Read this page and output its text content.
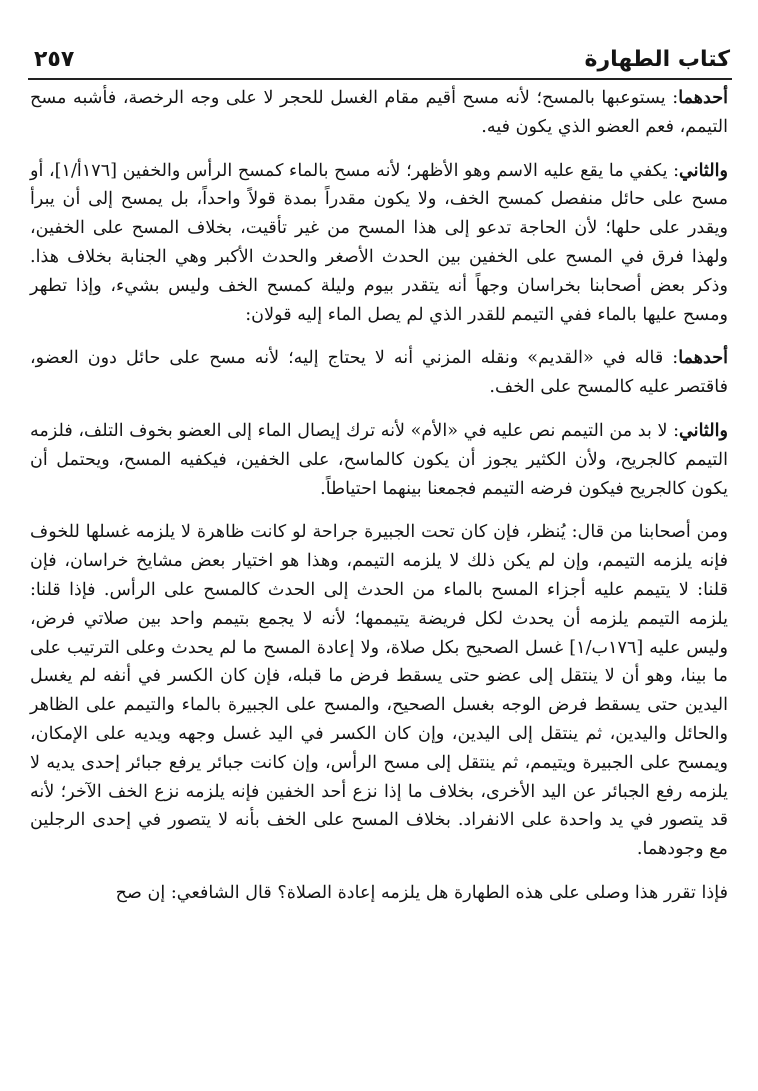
٢٥٧	كتاب الطهارة

أحدهما: يستوعبها بالمسح؛ لأنه مسح أقيم مقام الغسل للحجر لا على وجه الرخصة، فأشبه مسح التيمم، فعم العضو الذي يكون فيه.

والثاني: يكفي ما يقع عليه الاسم وهو الأظهر؛ لأنه مسح بالماء كمسح الرأس والخفين [١٧٦أ/١]، أو مسح على حائل منفصل كمسح الخف، ولا يكون مقدراً بمدة قولاً واحداً، بل يمسح إلى أن يبرأ ويقدر على حلها؛ لأن الحاجة تدعو إلى هذا المسح من غير تأقيت، بخلاف المسح على الخفين، ولهذا فرق في المسح على الخفين بين الحدث الأصغر والحدث الأكبر وهي الجنابة بخلاف هذا. وذكر بعض أصحابنا بخراسان وجهاً أنه يتقدر بيوم وليلة كمسح الخف وليس بشيء، وإذا تطهر ومسح عليها بالماء ففي التيمم للقدر الذي لم يصل الماء إليه قولان:

أحدهما: قاله في «القديم» ونقله المزني أنه لا يحتاج إليه؛ لأنه مسح على حائل دون العضو، فاقتصر عليه كالمسح على الخف.

والثاني: لا بد من التيمم نص عليه في «الأم» لأنه ترك إيصال الماء إلى العضو بخوف التلف، فلزمه التيمم كالجريح، ولأن الكثير يجوز أن يكون كالماسح، على الخفين، فيكفيه المسح، ويحتمل أن يكون كالجريح فيكون فرضه التيمم فجمعنا بينهما احتياطاً.

ومن أصحابنا من قال: يُنظر، فإن كان تحت الجبيرة جراحة لو كانت ظاهرة لا يلزمه غسلها للخوف فإنه يلزمه التيمم، وإن لم يكن ذلك لا يلزمه التيمم، وهذا هو اختيار بعض مشايخ خراسان، فإن قلنا: لا يتيمم عليه أجزاء المسح بالماء من الحدث إلى الحدث كالمسح على الرأس. فإذا قلنا: يلزمه التيمم يلزمه أن يحدث لكل فريضة يتيممها؛ لأنه لا يجمع بتيمم واحد بين صلاتي فرض، وليس عليه [١٧٦ب/١] غسل الصحيح بكل صلاة، ولا إعادة المسح ما لم يحدث وعلى الترتيب على ما بينا، وهو أن لا ينتقل إلى عضو حتى يسقط فرض ما قبله، فإن كان الكسر في أنفه لم يغسل اليدين حتى يسقط فرض الوجه بغسل الصحيح، والمسح على الجبيرة بالماء والتيمم على الظاهر والحائل واليدين، ثم ينتقل إلى اليدين، وإن كان الكسر في اليد غسل وجهه ويديه على الإمكان، ويمسح على الجبيرة ويتيمم، ثم ينتقل إلى مسح الرأس، وإن كانت جبائر يرفع جبائر إحدى يديه لا يلزمه رفع الجبائر عن اليد الأخرى، بخلاف ما إذا نزع أحد الخفين فإنه يلزمه نزع الخف الآخر؛ لأنه قد يتصور في يد واحدة على الانفراد. بخلاف المسح على الخف بأنه لا يتصور في إحدى الرجلين مع وجودهما.

فإذا تقرر هذا وصلى على هذه الطهارة هل يلزمه إعادة الصلاة؟ قال الشافعي: إن صح
